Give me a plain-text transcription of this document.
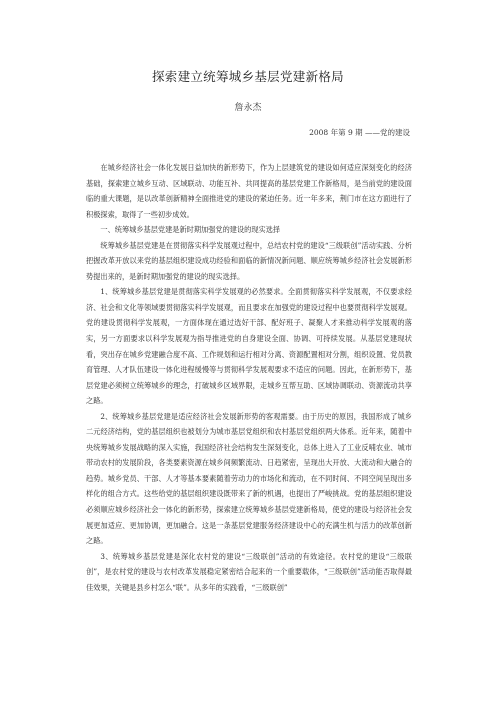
探索建立统筹城乡基层党建新格局
詹永杰
2008 年第 9 期 ——党的建设

在城乡经济社会一体化发展日益加快的新形势下，作为上层建筑党的建设如何适应深刻变化的经济基础，探索建立城乡互动、区域联动、功能互补、共同提高的基层党建工作新格局，是当前党的建设面临的重大课题，是以改革创新精神全面推进党的建设的紧迫任务。近一年多来，荆门市在这方面进行了积极探索，取得了一些初步成效。

一、统筹城乡基层党建是新时期加强党的建设的现实选择

统筹城乡基层党建是在贯彻落实科学发展观过程中，总结农村党的建设“三级联创”活动实践、分析把握改革开放以来党的基层组织建设成功经验和面临的新情况新问题、顺应统筹城乡经济社会发展新形势提出来的，是新时期加强党的建设的现实选择。

1、统筹城乡基层党建是贯彻落实科学发展观的必然要求。全面贯彻落实科学发展观，不仅要求经济、社会和文化等领域要贯彻落实科学发展观，而且要求在加强党的建设过程中也要贯彻科学发展观。党的建设贯彻科学发展观，一方面体现在通过选好干部、配好班子、凝聚人才来推动科学发展观的落实，另一方面要求以科学发展观为指导推进党的自身建设全面、协调、可持续发展。从基层党建现状看，突出存在城乡党建融合度不高、工作规划和运行相对分离、资源配置相对分割，组织设置、党员教育管理、人才队伍建设一体化进程缓慢等与贯彻科学发展观要求不适应的问题。因此，在新形势下，基层党建必须树立统筹城乡的理念，打破城乡区域界限，走城乡互帮互助、区域协调联动、资源流动共享之路。

2、统筹城乡基层党建是适应经济社会发展新形势的客观需要。由于历史的原因，我国形成了城乡二元经济结构，党的基层组织也被划分为城市基层党组织和农村基层党组织两大体系。近年来，随着中央统筹城乡发展战略的深入实施，我国经济社会结构发生深刻变化，总体上进入了工业反哺农业、城市带动农村的发展阶段，各类要素资源在城乡间频繁流动、日趋紧密，呈现出大开放、大流动和大融合的趋势。城乡党员、干部、人才等基本要素随着劳动力的市场化和流动，在不同时间、不同空间呈现出多样化的组合方式。这些给党的基层组织建设既带来了新的机遇，也提出了严峻挑战。党的基层组织建设必须顺应城乡经济社会一体化的新形势，探索建立统筹城乡基层党建新格局，使党的建设与经济社会发展更加适应、更加协调，更加融合。这是一条基层党建服务经济建设中心的充满生机与活力的改革创新之路。

3、统筹城乡基层党建是深化农村党的建设“三级联创”活动的有效途径。农村党的建设“三级联创”，是农村党的建设与农村改革发展稳定紧密结合起来的一个重要载体，“三级联创”活动能否取得最佳效果，关键是县乡村怎么“联”。从多年的实践看，“三级联创”
